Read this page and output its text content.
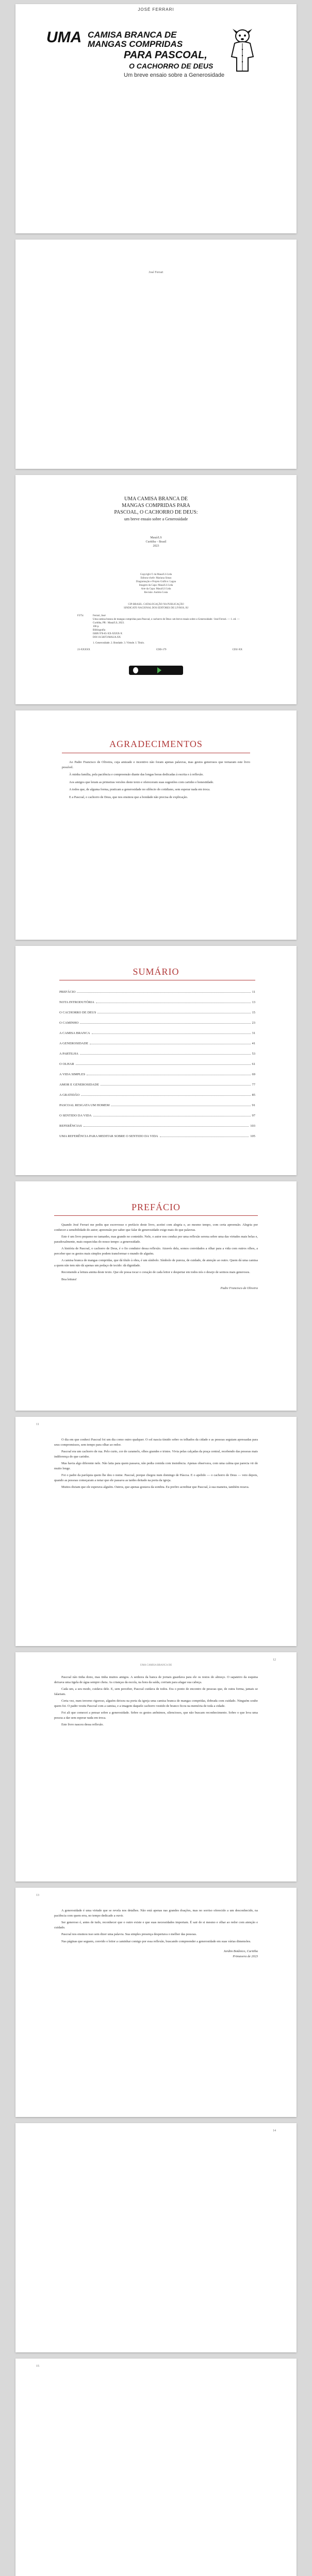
JOSÉ FERRARI
UMA CAMISA BRANCA DE
MANGAS COMPRIDAS
PARA PASCOAL,
O CACHORRO DE DEUS
Um breve ensaio sobre a Generosidade
José Ferrari
UMA CAMISA BRANCA DE
MANGAS COMPRIDAS PARA
PASCOAL, O CACHORRO DE DEUS:
um breve ensaio sobre a Generosidade
Mauá/LS
Curitiba – Brasil
2023
Copyright © da Mauá/LS Ltda
Editora-chefe: Mariana Simas
Diagramação e Projeto Gráfico: Lagoa
Imagem da Capa: Mauá/LS Ltda
Arte da Capa: Mauá/LS Ltda
Revisão: Andréa Costa
CIP-BRASIL. CATALOGAÇÃO NA PUBLICAÇÃO
SINDICATO NACIONAL DOS EDITORES DE LIVROS, RJ
F375c	Ferrari, José
Uma camisa branca de mangas compridas para Pascoal, o cachorro de Deus: um breve ensaio sobre a Generosidade / José Ferrari. — 1. ed. — Curitiba, PR : Mauá/LS, 2023.
106 p.
Bibliografia
ISBN 978-65-XX-XXXX-X
DOI 10.56072/MAUA.XX
1. Generosidade. 2. Bondade. 3. Virtude. I. Título.
23-XXXXX	CDD-179	CDU-XX
AGRADECIMENTOS

Ao Padre Francisco de Oliveira, cuja amizade e incentivo não foram apenas palavras, mas gestos generosos que tornaram este livro possível.

À minha família, pela paciência e compreensão diante das longas horas dedicadas à escrita e à reflexão.

Aos amigos que leram as primeiras versões deste texto e ofereceram suas sugestões com carinho e honestidade.

A todos que, de alguma forma, praticam a generosidade no silêncio do cotidiano, sem esperar nada em troca.

E a Pascoal, o cachorro de Deus, que nos ensinou que a bondade não precisa de explicação.

SUMÁRIO
PREFÁCIO	11
NOTA INTRODUTÓRIA	13
O CACHORRO DE DEUS	15
O CAMINHO	23
A CAMISA BRANCA	31
A GENEROSIDADE	41
A PARTILHA	53
O OLHAR	61
A VIDA SIMPLES	69
AMOR E GENEROSIDADE	77
A GRATIDÃO	85
PASCOAL RESGATA UM HOMEM	91
O SENTIDO DA VIDA	97
REFERÊNCIAS	103
UMA REFERÊNCIA PARA MEDITAR SOBRE O SENTIDO DA VIDA	105
PREFÁCIO

Quando José Ferrari me pediu que escrevesse o prefácio deste livro, aceitei com alegria e, ao mesmo tempo, com certa apreensão. Alegria por conhecer a sensibilidade do autor; apreensão por saber que falar de generosidade exige mais do que palavras.

Este é um livro pequeno no tamanho, mas grande no conteúdo. Nele, o autor nos conduz por uma reflexão serena sobre uma das virtudes mais belas e, paradoxalmente, mais esquecidas do nosso tempo: a generosidade.

A história de Pascoal, o cachorro de Deus, é o fio condutor dessa reflexão. Através dela, somos convidados a olhar para a vida com outros olhos, a perceber que os gestos mais simples podem transformar o mundo de alguém.

A camisa branca de mangas compridas, que dá título à obra, é um símbolo. Símbolo de pureza, de cuidado, de atenção ao outro. Quem dá uma camisa a quem não tem não dá apenas um pedaço de tecido: dá dignidade.

Recomendo a leitura atenta deste texto. Que ele possa tocar o coração de cada leitor e despertar em todos nós o desejo de sermos mais generosos.

Boa leitura!

Padre Francisco de Oliveira

11

O dia em que conheci Pascoal foi um dia como outro qualquer. O sol nascia tímido sobre os telhados da cidade e as pessoas seguiam apressadas para seus compromissos, sem tempo para olhar ao redor.

Pascoal era um cachorro de rua. Pelo curto, cor de caramelo, olhos grandes e tristes. Vivia pelas calçadas da praça central, recebendo das pessoas mais indiferença do que carinho.

Mas havia algo diferente nele. Não latia para quem passava, não pedia comida com insistência. Apenas observava, com uma calma que parecia vir de muito longe.

Foi o padre da paróquia quem lhe deu o nome. Pascoal, porque chegou num domingo de Páscoa. E o apelido — o cachorro de Deus — veio depois, quando as pessoas começaram a notar que ele passava as tardes deitado na porta da igreja.

Muitos diziam que ele esperava alguém. Outros, que apenas gostava da sombra. Eu prefiro acreditar que Pascoal, à sua maneira, também rezava.

12
UMA CAMISA BRANCA DE

Pascoal não tinha dono, mas tinha muitos amigos. A senhora da banca de jornais guardava para ele os restos do almoço. O sapateiro da esquina deixava uma tigela de água sempre cheia. As crianças da escola, na hora da saída, corriam para afagar sua cabeça.

Cada um, a seu modo, cuidava dele. E, sem perceber, Pascoal cuidava de todos. Era o ponto de encontro de pessoas que, de outra forma, jamais se falariam.

Certa vez, num inverno rigoroso, alguém deixou na porta da igreja uma camisa branca de mangas compridas, dobrada com cuidado. Ninguém soube quem foi. O padre vestiu Pascoal com a camisa, e a imagem daquele cachorro vestido de branco ficou na memória de toda a cidade.

Foi ali que comecei a pensar sobre a generosidade. Sobre os gestos anônimos, silenciosos, que não buscam reconhecimento. Sobre o que leva uma pessoa a dar sem esperar nada em troca.

Este livro nasceu dessa reflexão.

13

A generosidade é uma virtude que se revela nos detalhes. Não está apenas nas grandes doações, mas no sorriso oferecido a um desconhecido, na paciência com quem erra, no tempo dedicado a ouvir.

Ser generoso é, antes de tudo, reconhecer que o outro existe e que suas necessidades importam. É sair de si mesmo e olhar ao redor com atenção e cuidado.

Pascoal nos ensinou isso sem dizer uma palavra. Sua simples presença despertava o melhor das pessoas.

Nas páginas que seguem, convido o leitor a caminhar comigo por essa reflexão, buscando compreender a generosidade em suas várias dimensões.

Jardim Botânico, Curitiba

Primavera de 2023

14
15
